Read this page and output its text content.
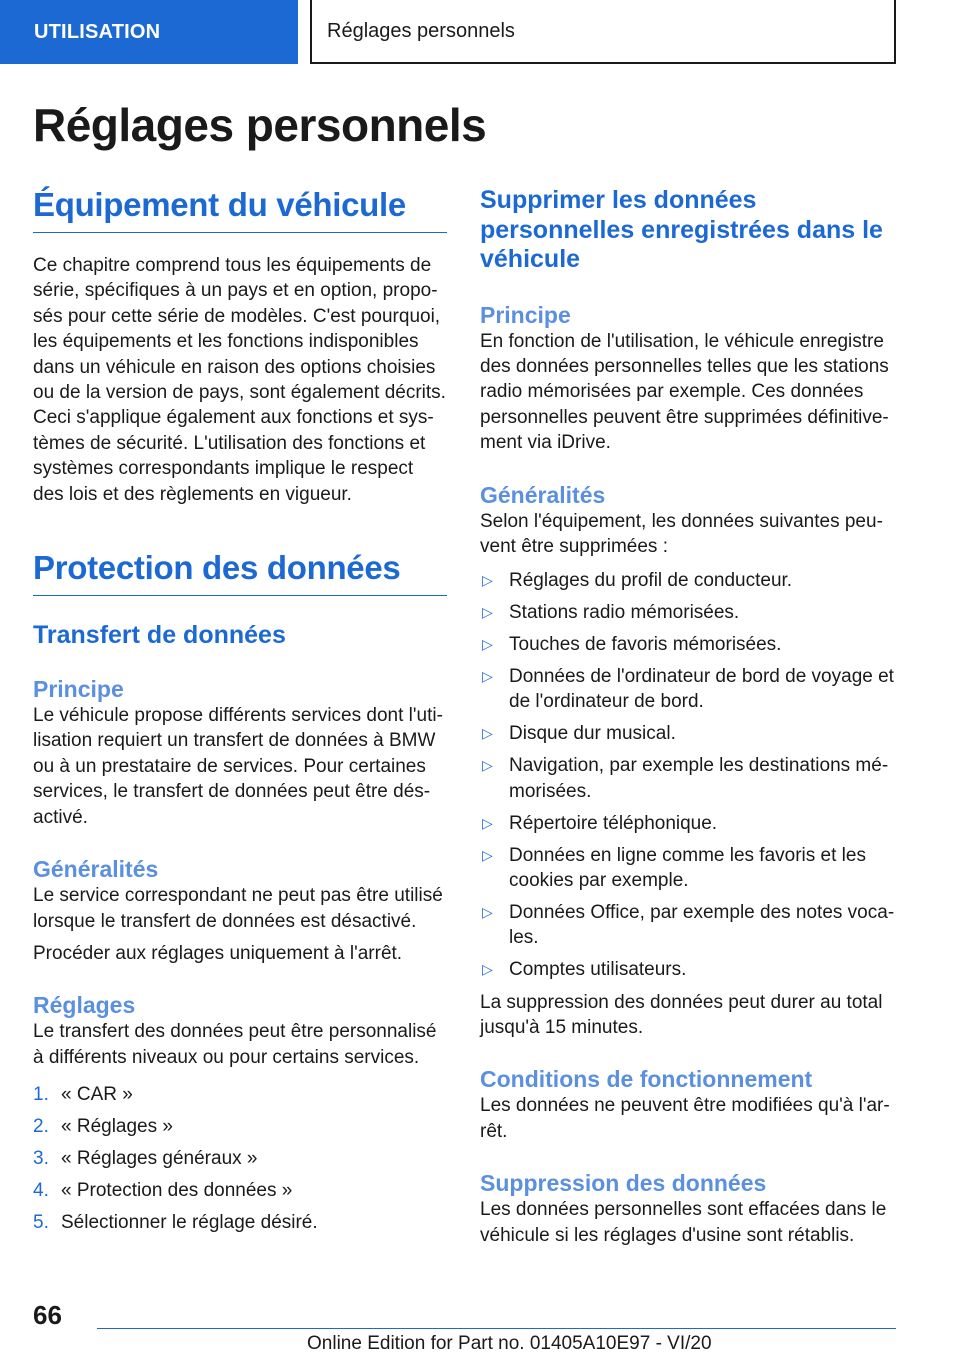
UTILISATION	Réglages personnels
Réglages personnels
Équipement du véhicule

Ce chapitre comprend tous les équipements de série, spécifiques à un pays et en option, proposés pour cette série de modèles. C'est pourquoi, les équipements et les fonctions indisponibles dans un véhicule en raison des options choisies ou de la version de pays, sont également décrits. Ceci s'applique également aux fonctions et systèmes de sécurité. L'utilisation des fonctions et systèmes correspondants implique le respect des lois et des règlements en vigueur.

Protection des données
Transfert de données
Principe

Le véhicule propose différents services dont l'utilisation requiert un transfert de données à BMW ou à un prestataire de services. Pour certaines services, le transfert de données peut être désactivé.

Généralités

Le service correspondant ne peut pas être utilisé lorsque le transfert de données est désactivé.

Procéder aux réglages uniquement à l'arrêt.

Réglages

Le transfert des données peut être personnalisé à différents niveaux ou pour certains services.

1. « CAR »
2. « Réglages »
3. « Réglages généraux »
4. « Protection des données »
5. Sélectionner le réglage désiré.
Supprimer les données personnelles enregistrées dans le véhicule
Principe

En fonction de l'utilisation, le véhicule enregistre des données personnelles telles que les stations radio mémorisées par exemple. Ces données personnelles peuvent être supprimées définitivement via iDrive.

Généralités

Selon l'équipement, les données suivantes peuvent être supprimées :

▷ Réglages du profil de conducteur.
▷ Stations radio mémorisées.
▷ Touches de favoris mémorisées.
▷ Données de l'ordinateur de bord de voyage et de l'ordinateur de bord.
▷ Disque dur musical.
▷ Navigation, par exemple les destinations mémorisées.
▷ Répertoire téléphonique.
▷ Données en ligne comme les favoris et les cookies par exemple.
▷ Données Office, par exemple des notes vocales.
▷ Comptes utilisateurs.

La suppression des données peut durer au total jusqu'à 15 minutes.

Conditions de fonctionnement

Les données ne peuvent être modifiées qu'à l'arrêt.

Suppression des données

Les données personnelles sont effacées dans le véhicule si les réglages d'usine sont rétablis.

66
Online Edition for Part no. 01405A10E97 - VI/20
